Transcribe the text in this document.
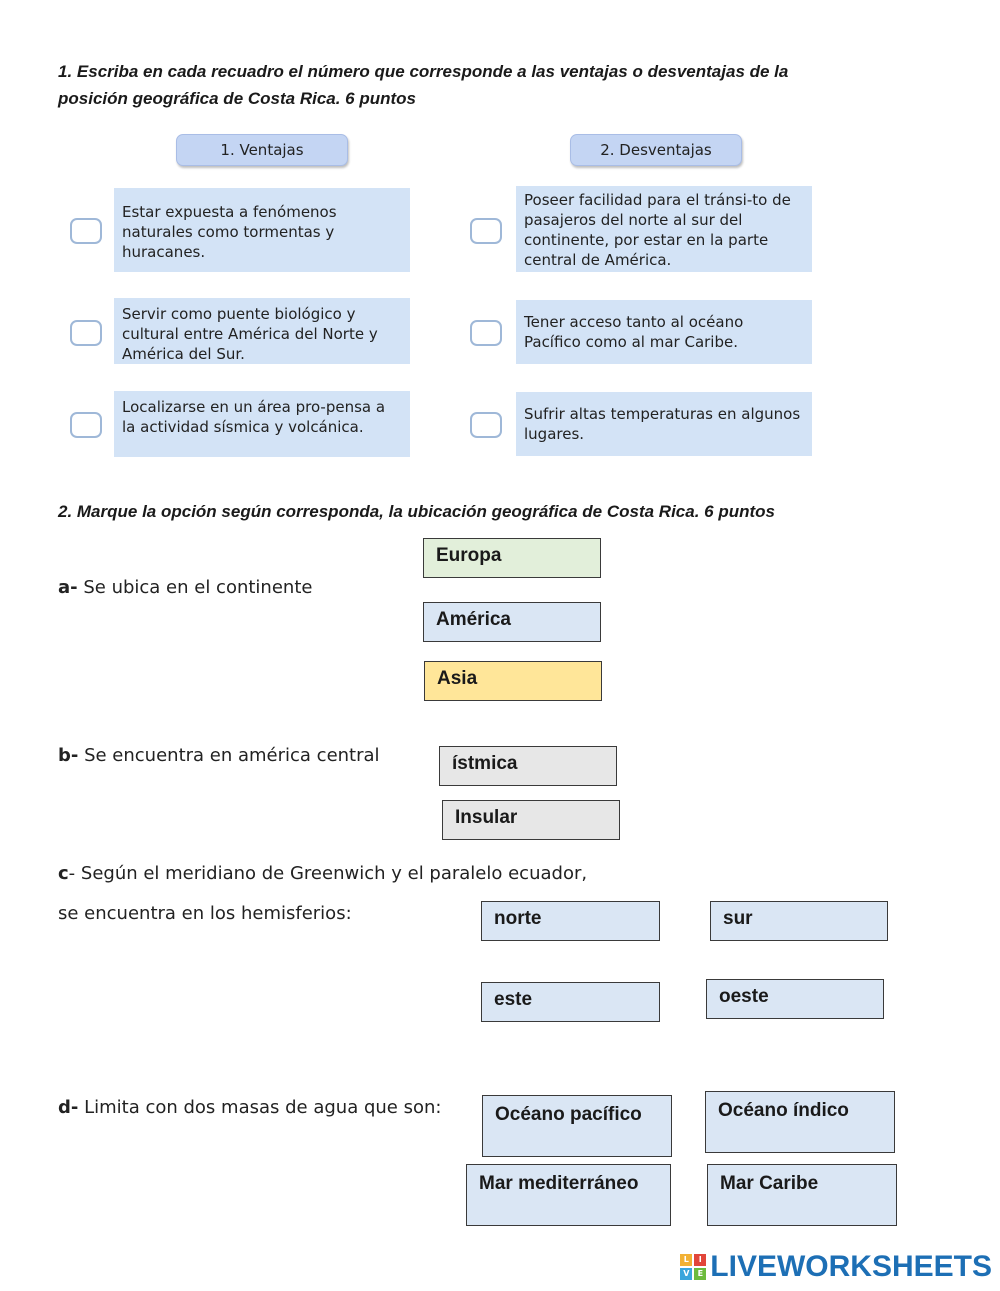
1. Escriba en cada recuadro el número que corresponde a las ventajas o desventajas de la
posición geográfica de Costa Rica. 6 puntos
1. Ventajas	2. Desventajas
Estar expuesta a fenómenos naturales como tormentas y huracanes.
Servir como puente biológico y cultural entre América del Norte y América del Sur.
Localizarse en un área pro-pensa a la actividad sísmica y volcánica.
Poseer facilidad para el tránsi-to de pasajeros del norte al sur del continente, por estar en la parte central de América.
Tener acceso tanto al océano Pacífico como al mar Caribe.
Sufrir altas temperaturas en algunos lugares.
2. Marque la opción según corresponda, la ubicación geográfica de Costa Rica. 6 puntos
a- Se ubica en el continente
Europa
América
Asia
b- Se encuentra en américa central	ístmica
Insular
c- Según el meridiano de Greenwich y el paralelo ecuador,
se encuentra en los hemisferios:	norte	sur
este	oeste
d- Limita con dos masas de agua que son:	Océano pacífico	Océano índico
Mar mediterráneo	Mar Caribe
L	I
V	E LIVEWORKSHEETS
